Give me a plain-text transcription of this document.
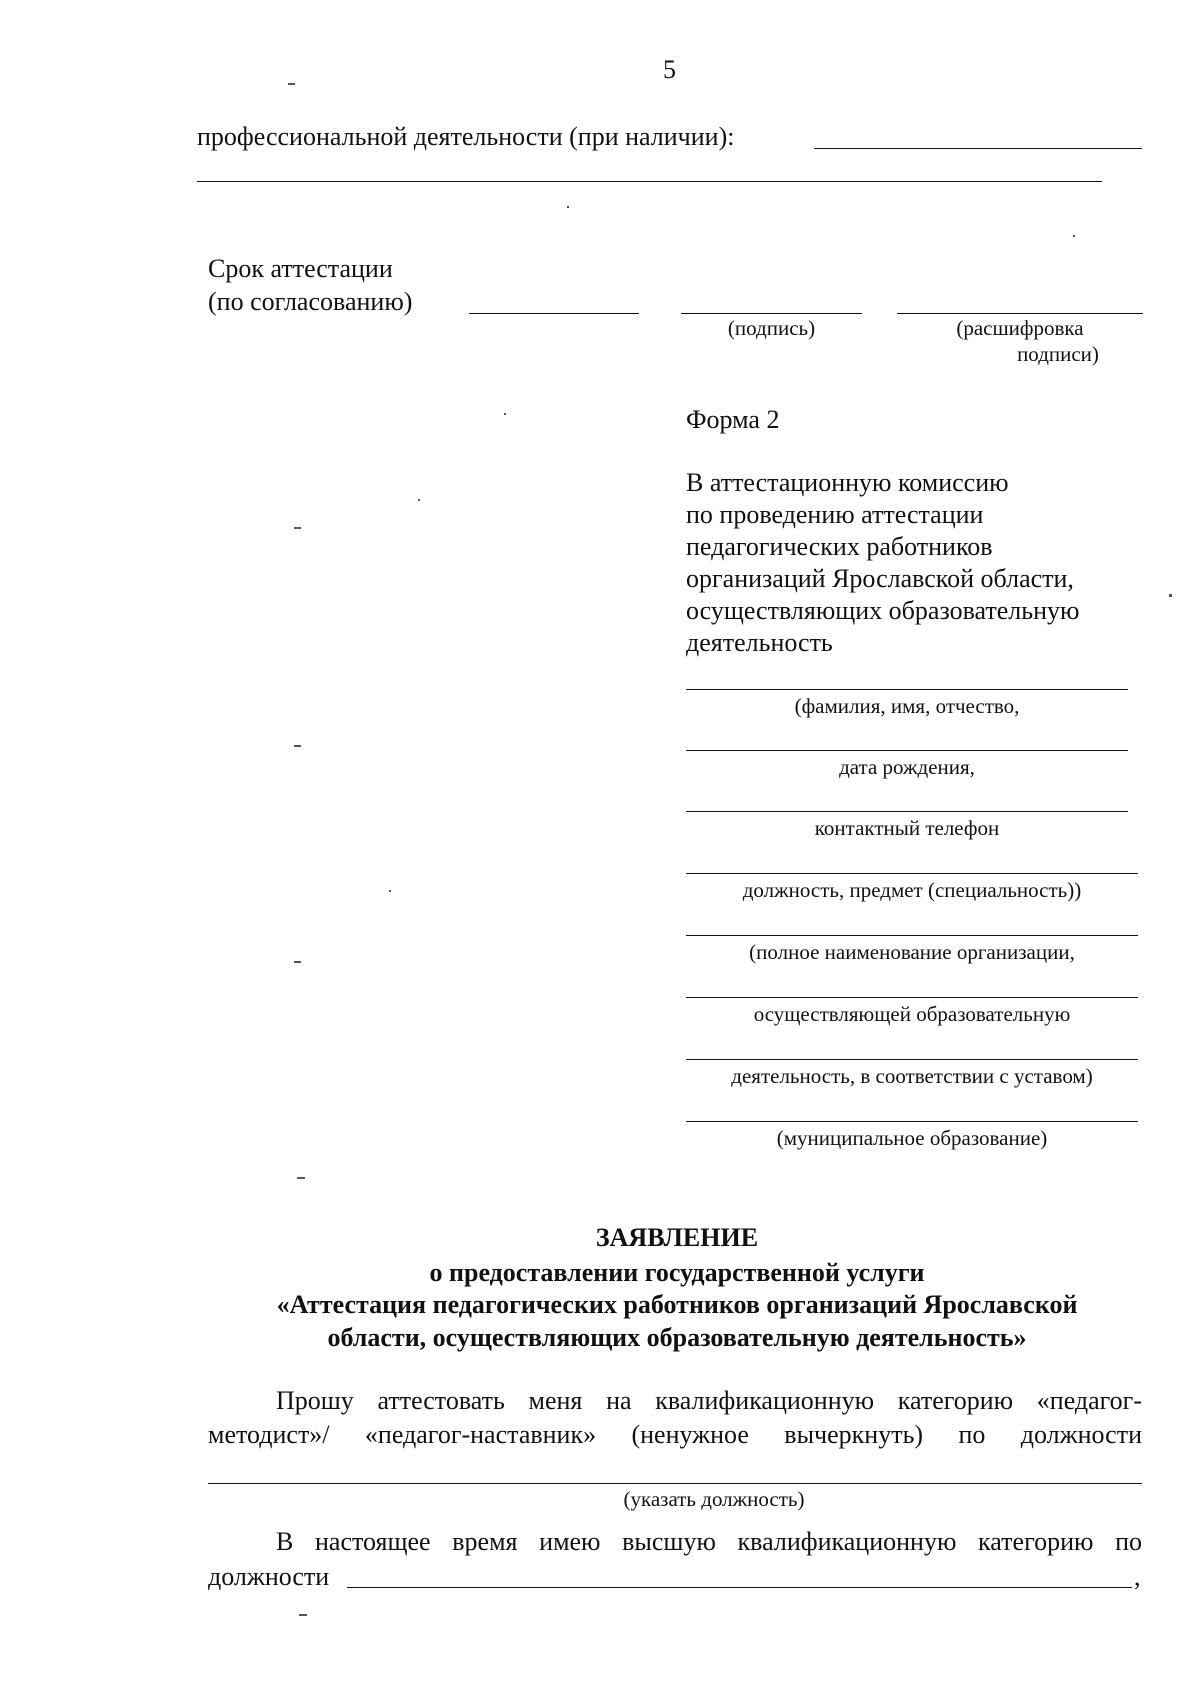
5
профессиональной деятельности (при наличии):
Срок аттестации
(по согласованию)
(подпись)	(расшифровка
подписи)
Форма 2
В аттестационную комиссию
по проведению аттестации
педагогических работников
организаций Ярославской области,
осуществляющих образовательную
деятельность
(фамилия, имя, отчество,
дата рождения,
контактный телефон
должность, предмет (специальность))
(полное наименование организации,
осуществляющей образовательную
деятельность, в соответствии с уставом)
(муниципальное образование)
ЗАЯВЛЕНИЕ
о предоставлении государственной услуги
«Аттестация педагогических работников организаций Ярославской
области, осуществляющих образовательную деятельность»
Прошу аттестовать меня на квалификационную категорию «педагог-
методист»/ «педагог-наставник» (ненужное вычеркнуть) по должности
(указать должность)
В настоящее время имею высшую квалификационную категорию по
должности	,
